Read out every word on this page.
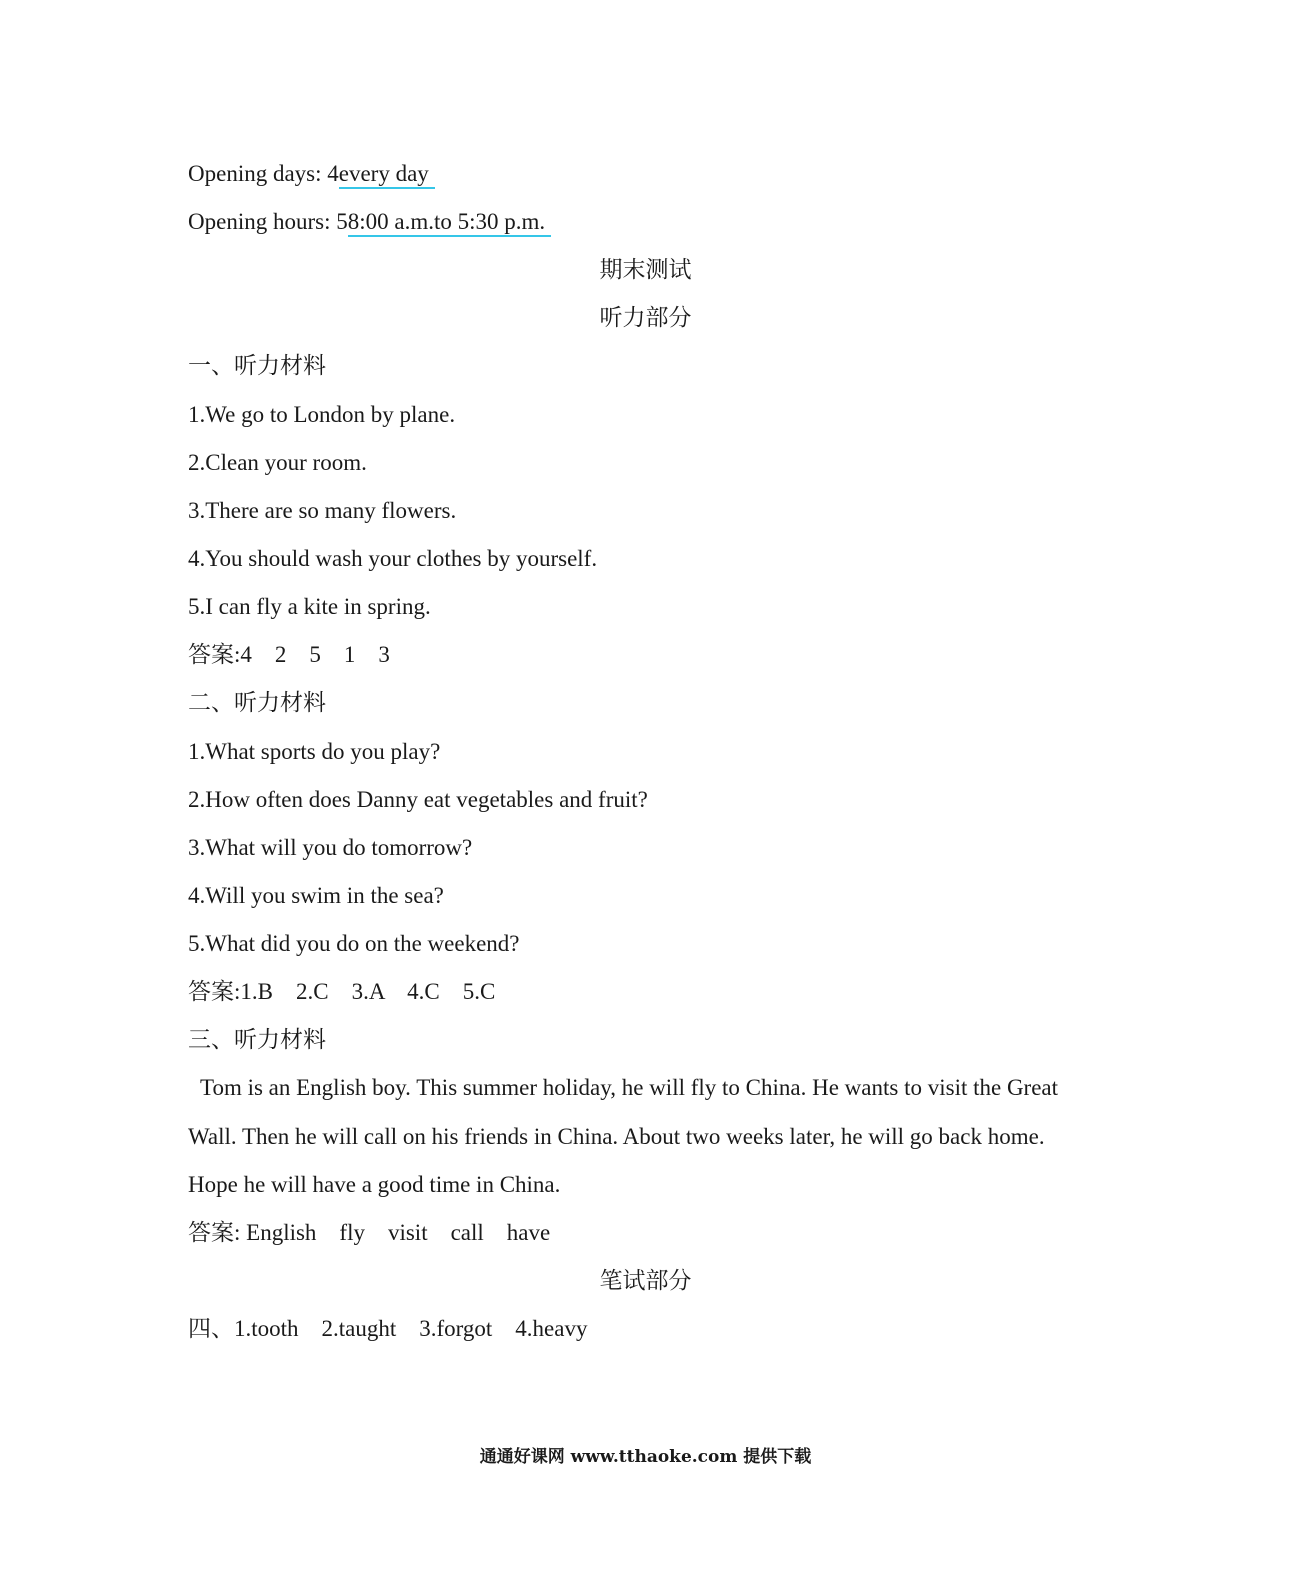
Opening days: 4every day
Opening hours: 58:00 a.m.to 5:30 p.m.
期末测试
听力部分
一、听力材料
1.We go to London by plane.
2.Clean your room.
3.There are so many flowers.
4.You should wash your clothes by yourself.
5.I can fly a kite in spring.
答案:4    2    5    1    3
二、听力材料
1.What sports do you play?
2.How often does Danny eat vegetables and fruit?
3.What will you do tomorrow?
4.Will you swim in the sea?
5.What did you do on the weekend?
答案:1.B    2.C    3.A    4.C    5.C
三、听力材料
Tom is an English boy. This summer holiday, he will fly to China. He wants to visit the Great Wall. Then he will call on his friends in China. About two weeks later, he will go back home. Hope he will have a good time in China.
答案: English    fly    visit    call    have
笔试部分
四、1.tooth    2.taught    3.forgot    4.heavy
通通好课网 www.tthaoke.com 提供下载
